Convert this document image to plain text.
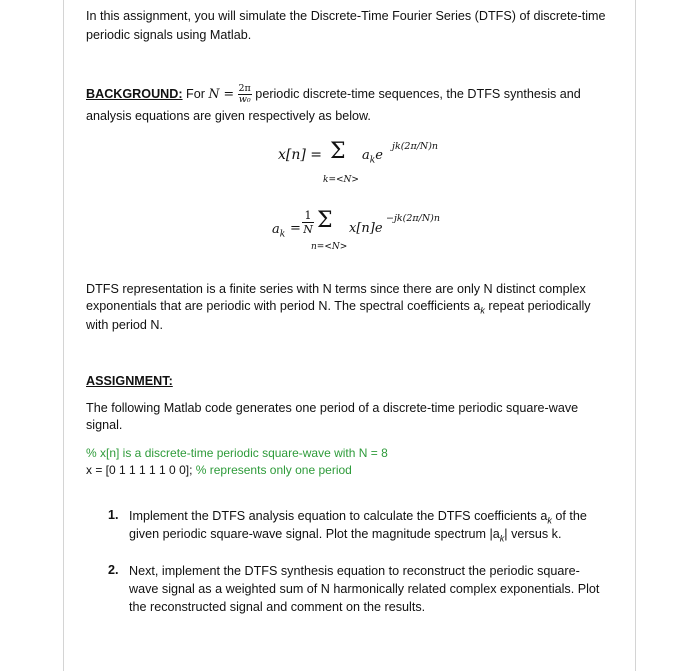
In this assignment, you will simulate the Discrete-Time Fourier Series (DTFS) of discrete-time
periodic signals using Matlab.
BACKGROUND: For $N = \frac{2\pi}{\text{w₀}}$ periodic discrete-time sequences, the DTFS synthesis and
analysis equations are given respectively as below.
x[n] = Σ
k=<N>
$a_ke$
jk(2π/N)n
$a_k = \frac{1}{N}$ Σ
n=<N>
x[n]e
−jk(2π/N)n
DTFS representation is a finite series with N terms since there are only N distinct complex
exponentials that are periodic with period N. The spectral coefficients $a_k$ repeat periodically
with period N.
ASSIGNMENT:
The following Matlab code generates one period of a discrete-time periodic square-wave
signal.
% x[n] is a discrete-time periodic square-wave with N = 8
x = [0 1 1 1 1 1 0 0]; % represents only one period
1. Implement the DTFS analysis equation to calculate the DTFS coefficients $a_k$ of the
given periodic square-wave signal. Plot the magnitude spectrum $|a_k|$ versus k.
2. Next, implement the DTFS synthesis equation to reconstruct the periodic square-
wave signal as a weighted sum of N harmonically related complex exponentials. Plot
the reconstructed signal and comment on the results.
